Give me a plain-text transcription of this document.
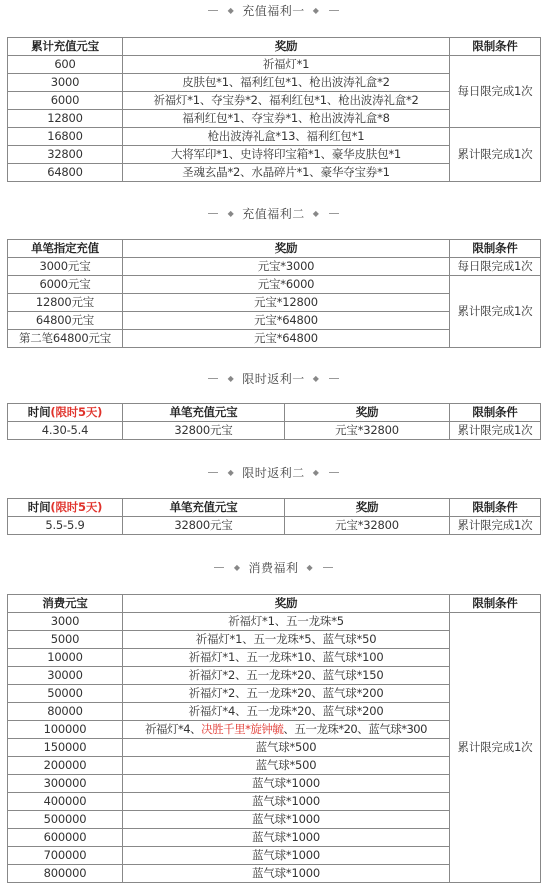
◆ 充值福利一 ◆
累计充值元宝	奖励	限制条件
600	祈福灯*1	每日限完成1次
3000	皮肤包*1、福利红包*1、枪出波涛礼盒*2	
6000	祈福灯*1、夺宝券*2、福利红包*1、枪出波涛礼盒*2	
12800	福利红包*1、夺宝券*1、枪出波涛礼盒*8	
16800	枪出波涛礼盒*13、福利红包*1	累计限完成1次
32800	大将军印*1、史诗将印宝箱*1、豪华皮肤包*1	
64800	圣魂玄晶*2、水晶碎片*1、豪华夺宝券*1	
◆ 充值福利二 ◆
单笔指定充值	奖励	限制条件
3000元宝	元宝*3000	每日限完成1次
6000元宝	元宝*6000	累计限完成1次
12800元宝	元宝*12800	
64800元宝	元宝*64800	
第二笔64800元宝	元宝*64800	
◆ 限时返利一 ◆
时间(限时5天)	单笔充值元宝	奖励	限制条件
4.30-5.4	32800元宝	元宝*32800	累计限完成1次
◆ 限时返利二 ◆
时间(限时5天)	单笔充值元宝	奖励	限制条件
5.5-5.9	32800元宝	元宝*32800	累计限完成1次
◆ 消费福利 ◆
消费元宝	奖励	限制条件
3000	祈福灯*1、五一龙珠*5	累计限完成1次
5000	祈福灯*1、五一龙珠*5、蓝气球*50	
10000	祈福灯*1、五一龙珠*10、蓝气球*100	
30000	祈福灯*2、五一龙珠*20、蓝气球*150	
50000	祈福灯*2、五一龙珠*20、蓝气球*200	
80000	祈福灯*4、五一龙珠*20、蓝气球*200	
100000	祈福灯*4、决胜千里*旋钟毓、五一龙珠*20、蓝气球*300	
150000	蓝气球*500	
200000	蓝气球*500	
300000	蓝气球*1000	
400000	蓝气球*1000	
500000	蓝气球*1000	
600000	蓝气球*1000	
700000	蓝气球*1000	
800000	蓝气球*1000	
